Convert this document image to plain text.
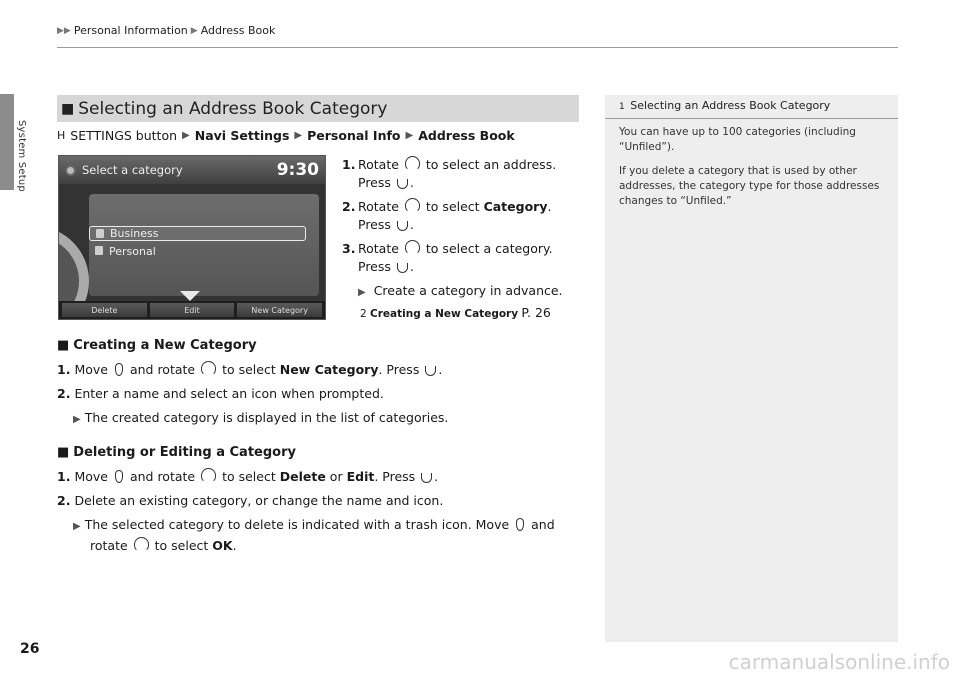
System Setup
▶▶ Personal Information ▶ Address Book
■ Selecting an Address Book Category
H SETTINGS button ▶ Navi Settings ▶ Personal Info ▶ Address Book
Select a category	9:30
Business
Personal
Delete	Edit	New Category
1. Rotate to select an address.
Press .
2. Rotate to select Category.
Press .
3. Rotate to select a category.
Press .
▶ Create a category in advance.
2 Creating a New Category P. 26
■ Creating a New Category
1. Move and rotate to select New Category. Press .
2. Enter a name and select an icon when prompted.
▶ The created category is displayed in the list of categories.
■ Deleting or Editing a Category
1. Move and rotate to select Delete or Edit. Press .
2. Delete an existing category, or change the name and icon.
▶ The selected category to delete is indicated with a trash icon. Move and
rotate to select OK.
1 Selecting an Address Book Category

You can have up to 100 categories (including “Unfiled”).

If you delete a category that is used by other addresses, the category type for those addresses changes to “Unfiled.”

26
carmanualsonline.info
